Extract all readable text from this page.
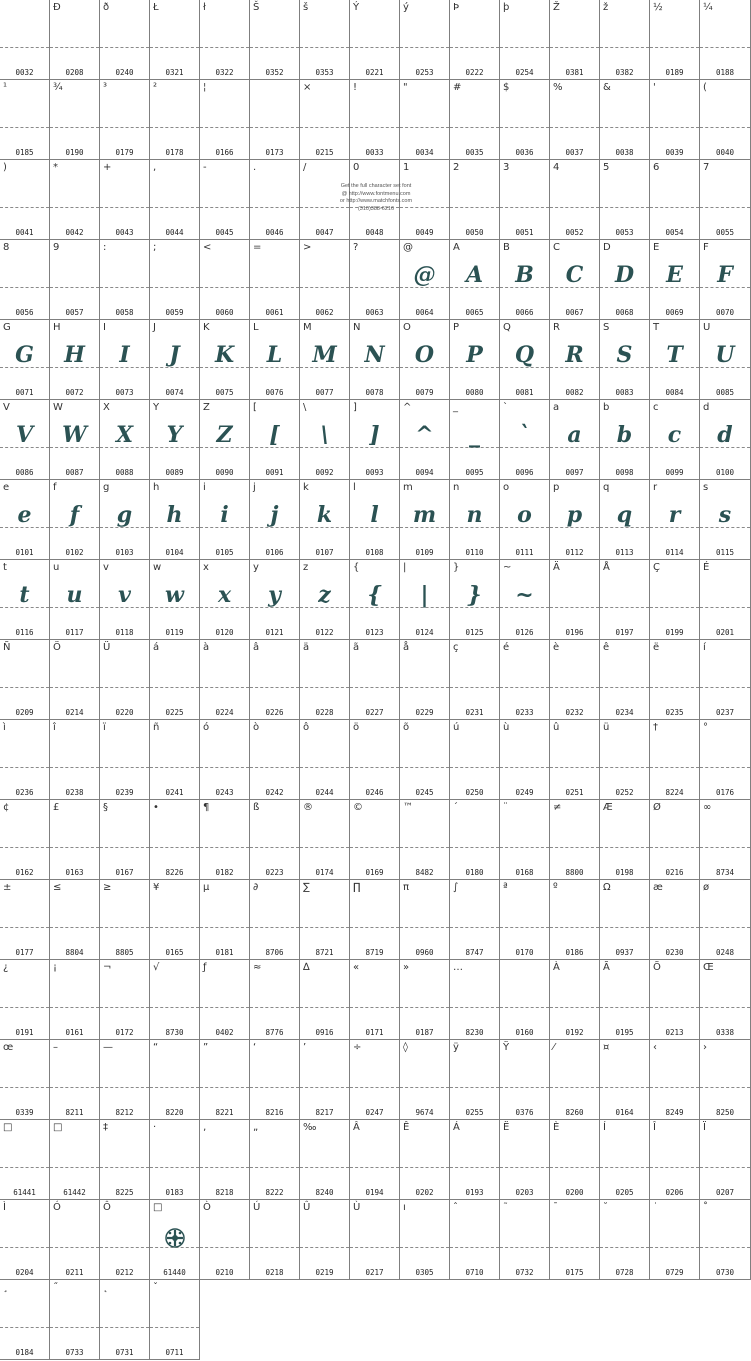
0032
Ð
0208
ð
0240
Ł
0321
ł
0322
Š
0352
š
0353
Ý
0221
ý
0253
Þ
0222
þ
0254
Ž
0381
ž
0382
½
0189
¼
0188
¹
0185
¾
0190
³
0179
²
0178
¦
0166	0173
×
0215
!
0033
"
0034
#
0035
$
0036
%
0037
&
0038
'
0039
(
0040
)
0041
*
0042
+
0043
,
0044
-
0045
.
0046
/
0047
0
0048
1
0049
2
0050
3
0051
4
0052
5
0053
6
0054
7
0055
8
0056
9
0057
:
0058
;
0059
<
0060
=
0061
>
0062
?
0063
@
@
0064
A
A
0065
B
B
0066
C
C
0067
D
D
0068
E
E
0069
F
F
0070
G
G
0071
H
H
0072
I
I
0073
J
J
0074
K
K
0075
L
L
0076
M
M
0077
N
N
0078
O
O
0079
P
P
0080
Q
Q
0081
R
R
0082
S
S
0083
T
T
0084
U
U
0085
V
V
0086
W
W
0087
X
X
0088
Y
Y
0089
Z
Z
0090
[
[
0091
\
\
0092
]
]
0093
^
^
0094
_
_
0095
`
`
0096
a
a
0097
b
b
0098
c
c
0099
d
d
0100
e
e
0101
f
f
0102
g
g
0103
h
h
0104
i
i
0105
j
j
0106
k
k
0107
l
l
0108
m
m
0109
n
n
0110
o
o
0111
p
p
0112
q
q
0113
r
r
0114
s
s
0115
t
t
0116
u
u
0117
v
v
0118
w
w
0119
x
x
0120
y
y
0121
z
z
0122
{
{
0123
|
|
0124
}
}
0125
~
~
0126
Ä
0196
Å
0197
Ç
0199
É
0201
Ñ
0209
Ö
0214
Ü
0220
á
0225
à
0224
â
0226
ä
0228
ã
0227
å
0229
ç
0231
é
0233
è
0232
ê
0234
ë
0235
í
0237
ì
0236
î
0238
ï
0239
ñ
0241
ó
0243
ò
0242
ô
0244
ö
0246
õ
0245
ú
0250
ù
0249
û
0251
ü
0252
†
8224
°
0176
¢
0162
£
0163
§
0167
•
8226
¶
0182
ß
0223
®
0174
©
0169
™
8482
´
0180
¨
0168
≠
8800
Æ
0198
Ø
0216
∞
8734
±
0177
≤
8804
≥
8805
¥
0165
µ
0181
∂
8706
∑
8721
∏
8719
π
0960
∫
8747
ª
0170
º
0186
Ω
0937
æ
0230
ø
0248
¿
0191
¡
0161
¬
0172
√
8730
ƒ
0402
≈
8776
∆
0916
«
0171
»
0187
…
8230	0160
À
0192
Ã
0195
Õ
0213
Œ
0338
œ
0339
–
8211
—
8212
“
8220
”
8221
‘
8216
’
8217
÷
0247
◊
9674
ÿ
0255
Ÿ
0376
⁄
8260
¤
0164
‹
8249
›
8250
□
61441
□
61442
‡
8225
·
0183
‚
8218
„
8222
‰
8240
Â
0194
Ê
0202
Á
0193
Ë
0203
È
0200
Í
0205
Î
0206
Ï
0207
Ì
0204
Ó
0211
Ô
0212
□
61440
Ò
0210
Ú
0218
Û
0219
Ù
0217
ı
0305
ˆ
0710
˜
0732
¯
0175
˘
0728
˙
0729
˚
0730
¸
0184
˝
0733
˛
0731
ˇ
0711
Get the full character set font
@ http://www.fontmenu.com
or http://www.matchfonts.com
(310)388-6216
